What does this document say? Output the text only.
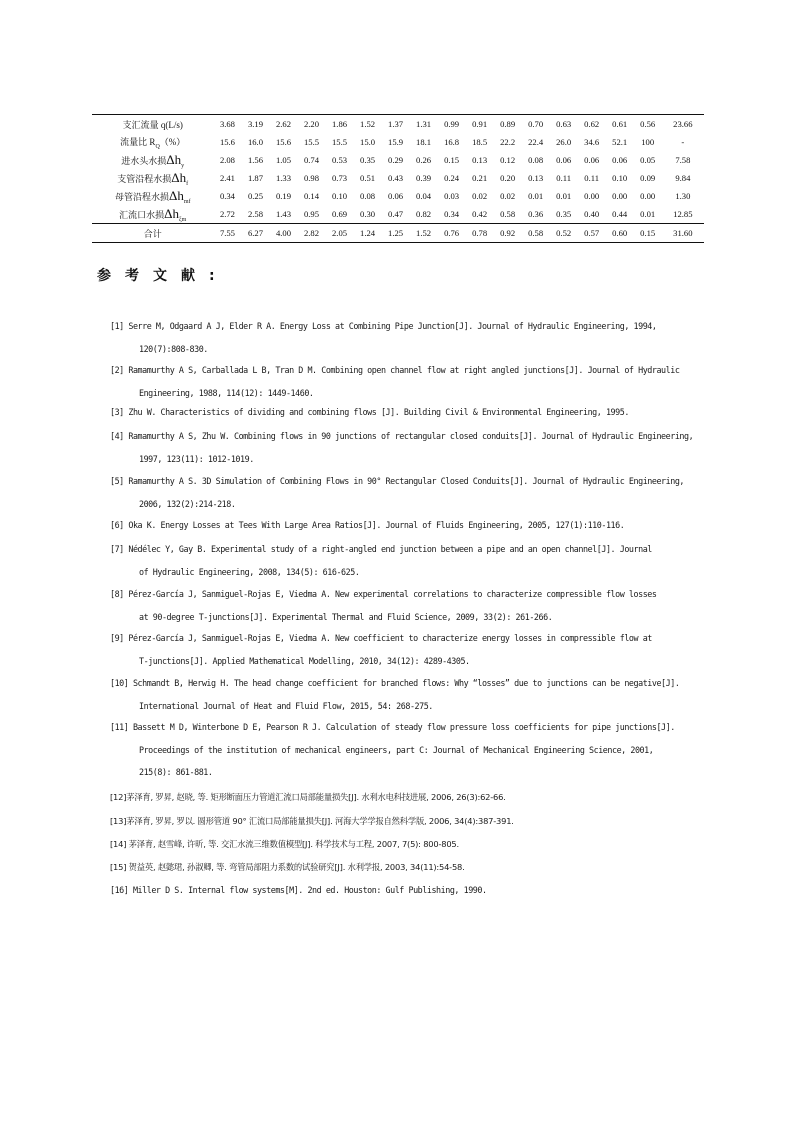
支汇流量 q(L/s)	3.68	3.19	2.62	2.20	1.86	1.52	1.37	1.31	0.99	0.91	0.89	0.70	0.63	0.62	0.61	0.56	23.66
流量比 $R_Q(\%)$	15.6	16.0	15.6	15.5	15.5	15.0	15.9	18.1	16.8	18.5	22.2	22.4	26.0	34.6	52.1	100	-
进水头水损$\Delta h_y$	2.08	1.56	1.05	0.74	0.53	0.35	0.29	0.26	0.15	0.13	0.12	0.08	0.06	0.06	0.06	0.05	7.58
支管沿程水损$\Delta h_f$	2.41	1.87	1.33	0.98	0.73	0.51	0.43	0.39	0.24	0.21	0.20	0.13	0.11	0.11	0.10	0.09	9.84
母管沿程水损$\Delta h_{mf}$	0.34	0.25	0.19	0.14	0.10	0.08	0.06	0.04	0.03	0.02	0.02	0.01	0.01	0.00	0.00	0.00	1.30
汇流口水损$\Delta h_{\xi m}$	2.72	2.58	1.43	0.95	0.69	0.30	0.47	0.82	0.34	0.42	0.58	0.36	0.35	0.40	0.44	0.01	12.85
合计	7.55	6.27	4.00	2.82	2.05	1.24	1.25	1.52	0.76	0.78	0.92	0.58	0.52	0.57	0.60	0.15	31.60
参考文献:
[1] Serre M, Odgaard A J, Elder R A. Energy Loss at Combining Pipe Junction[J]. Journal of Hydraulic Engineering, 1994,
120(7):808-830.
[2] Ramamurthy A S, Carballada L B, Tran D M. Combining open channel flow at right angled junctions[J]. Journal of Hydraulic
Engineering, 1988, 114(12): 1449-1460.
[3] Zhu W. Characteristics of dividing and combining flows [J]. Building Civil & Environmental Engineering, 1995.
[4] Ramamurthy A S, Zhu W. Combining flows in 90 junctions of rectangular closed conduits[J]. Journal of Hydraulic Engineering,
1997, 123(11): 1012-1019.
[5] Ramamurthy A S. 3D Simulation of Combining Flows in 90° Rectangular Closed Conduits[J]. Journal of Hydraulic Engineering,
2006, 132(2):214-218.
[6] Oka K. Energy Losses at Tees With Large Area Ratios[J]. Journal of Fluids Engineering, 2005, 127(1):110-116.
[7] Nédélec Y, Gay B. Experimental study of a right-angled end junction between a pipe and an open channel[J]. Journal
of Hydraulic Engineering, 2008, 134(5): 616-625.
[8] Pérez-García J, Sanmiguel-Rojas E, Viedma A. New experimental correlations to characterize compressible flow losses
at 90-degree T-junctions[J]. Experimental Thermal and Fluid Science, 2009, 33(2): 261-266.
[9] Pérez-García J, Sanmiguel-Rojas E, Viedma A. New coefficient to characterize energy losses in compressible flow at
T-junctions[J]. Applied Mathematical Modelling, 2010, 34(12): 4289-4305.
[10] Schmandt B, Herwig H. The head change coefficient for branched flows: Why “losses” due to junctions can be negative[J].
International Journal of Heat and Fluid Flow, 2015, 54: 268-275.
[11] Bassett M D, Winterbone D E, Pearson R J. Calculation of steady flow pressure loss coefficients for pipe junctions[J].
Proceedings of the institution of mechanical engineers, part C: Journal of Mechanical Engineering Science, 2001,
215(8): 861-881.
[12]茅泽育, 罗昇, 赵晓, 等. 矩形断面压力管道汇流口局部能量损失[J]. 水利水电科技进展, 2006, 26(3):62-66.
[13]茅泽育, 罗昇, 罗以. 圆形管道 90° 汇流口局部能量损失[J]. 河海大学学报自然科学版, 2006, 34(4):387-391.
[14] 茅泽育, 赵雪峰, 许昕, 等. 交汇水流三维数值模型[J]. 科学技术与工程, 2007, 7(5): 800-805.
[15] 贺益英, 赵懿珺, 孙淑卿, 等. 弯管局部阻力系数的试验研究[J]. 水利学报, 2003, 34(11):54-58.
[16] Miller D S. Internal flow systems[M]. 2nd ed. Houston: Gulf Publishing, 1990.
